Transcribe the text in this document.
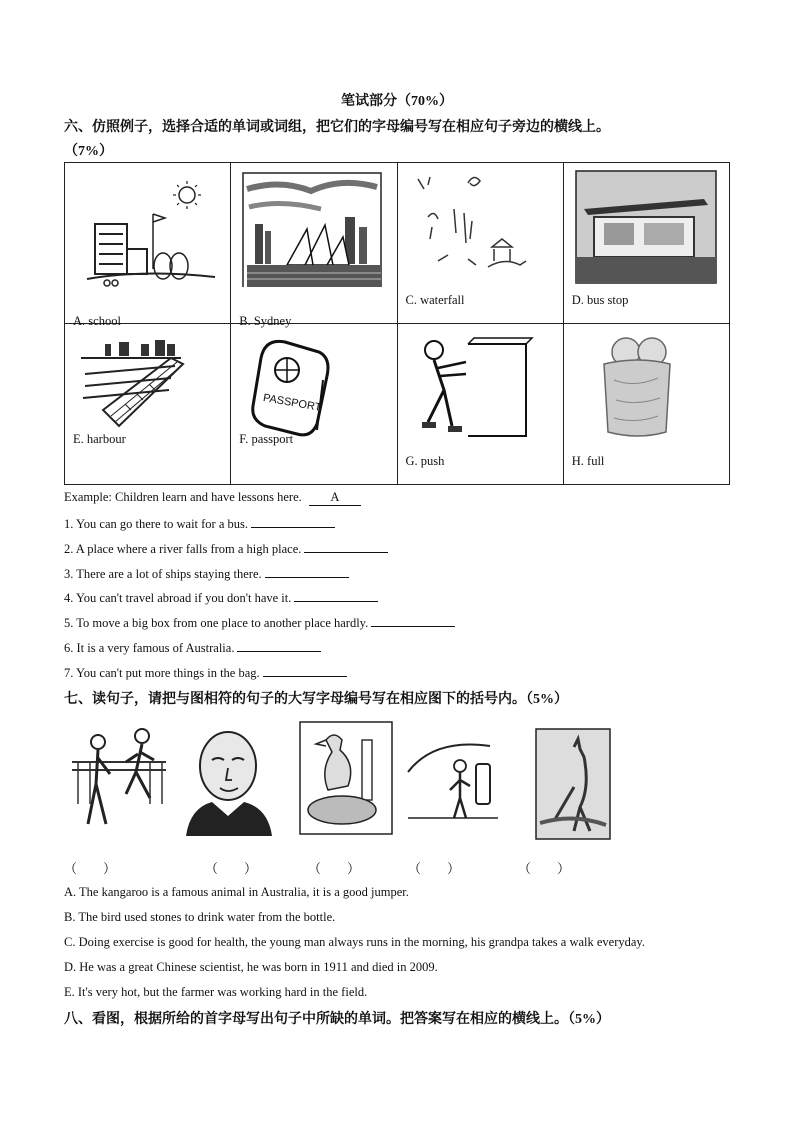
笔试部分（70%）
六、仿照例子，选择合适的单词或词组，把它们的字母编号写在相应句子旁边的横线上。
（7%）
A. school	B. Sydney	C. waterfall	D. bus stop

E. harbour	PASSPORT
F. passport	G. push	H. full
Example: Children learn and have lessons here. A
1. You can go there to wait for a bus.
2. A place where a river falls from a high place.
3. There are a lot of ships staying there.
4. You can't travel abroad if you don't have it.
5. To move a big box from one place to another place hardly.
6. It is a very famous of Australia.
7. You can't put more things in the bag.
七、读句子，请把与图相符的句子的大写字母编号写在相应图下的括号内。（5%）
（　　）	（　　）	（　　）	（　　）	（　　）
A. The kangaroo is a famous animal in Australia, it is a good jumper.
B. The bird used stones to drink water from the bottle.
C. Doing exercise is good for health, the young man always runs in the morning, his grandpa takes a walk everyday.
D. He was a great Chinese scientist, he was born in 1911 and died in 2009.
E. It's very hot, but the farmer was working hard in the field.
八、看图，根据所给的首字母写出句子中所缺的单词。把答案写在相应的横线上。（5%）
